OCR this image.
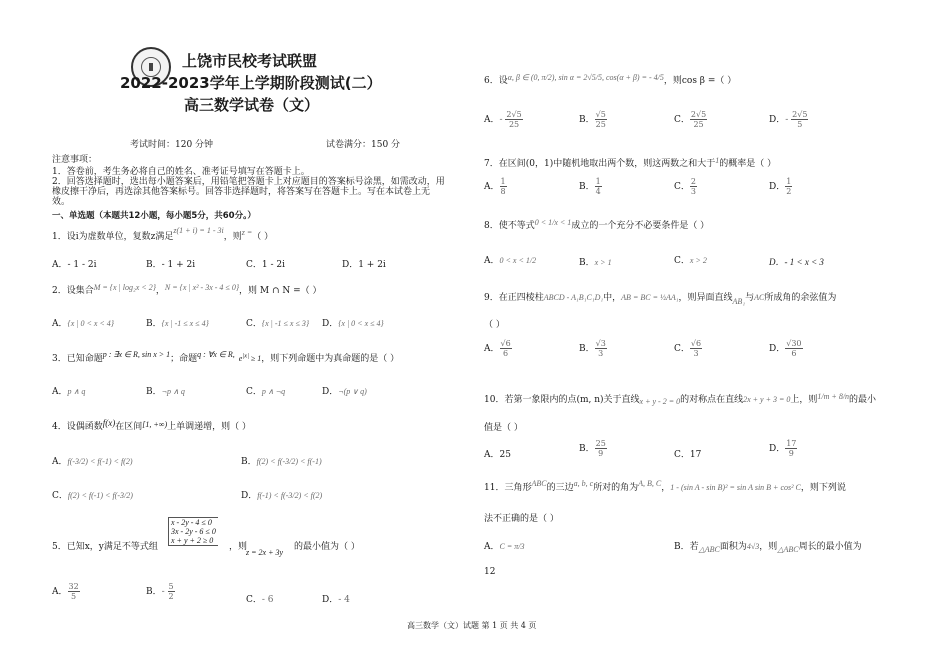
上饶市民校考试联盟
2022-2023学年上学期阶段测试(二）
高三数学试卷（文）
考试时间：120 分钟	试卷满分：150 分
注意事项：
1．答卷前，考生务必将自己的姓名、准考证号填写在答题卡上。
2．回答选择题时，选出每小题答案后，用铅笔把答题卡上对应题目的答案标号涂黑，如需改动，用
橡皮擦干净后，再选涂其他答案标号。回答非选择题时，将答案写在答题卡上。写在本试卷上无
效。
一、单选题（本题共12小题，每小题5分，共60分。）
1．设i为虚数单位，复数z满足z(1 + i) = 1 - 3i，则z =（ ）
A．- 1 - 2i	B．- 1 + 2i	C．1 - 2i	D．1 + 2i
2．设集合M = {x | log₂x < 2}，N = {x | x² - 3x - 4 ≤ 0}，则 M ∩ N =（ ）
A．{x | 0 < x < 4}	B．{x | -1 ≤ x ≤ 4}	C．{x | -1 ≤ x ≤ 3} D．{x | 0 < x ≤ 4}
3．已知命题p : ∃x ∈ R, sin x > 1；命题q : ∀x ∈ R, $e^{|x|} \ge 1$，则下列命题中为真命题的是（ ）
A．p ∧ q	B．¬p ∧ q	C．p ∧ ¬q	D．¬(p ∨ q)
4．设偶函数f(x)在区间[1, +∞)上单调递增，则（ ）
A．f(-3/2) < f(-1) < f(2)	B．f(2) < f(-3/2) < f(-1)
C．f(2) < f(-1) < f(-3/2)	D．f(-1) < f(-3/2) < f(2)
5．已知x，y满足不等式组
x - 2y - 4 ≤ 0
3x - 2y - 6 ≤ 0
x + y + 2 ≥ 0
，则
z = 2x + 3y
的最小值为（ ）
A． $\frac{32}{5}$	B．- $\frac{5}{2}$	C．- 6	D．- 4
6．设α, β ∈ (0, π/2), sin α = 2√5/5, cos(α + β) = - 4/5，则cos β =（ ）
A．- $\frac{2√5}{25}$	B． $\frac{√5}{25}$	C． $\frac{2√5}{25}$	D．- $\frac{2√5}{5}$
7．在区间(0，1)中随机地取出两个数，则这两数之和大于1的概率是（ ）
A． $\frac{1}{8}$	B． $\frac{1}{4}$	C． $\frac{2}{3}$	D． $\frac{1}{2}$
8．使不等式0 < 1/x < 1成立的一个充分不必要条件是（ ）
A．0 < x < 1/2	B．x > 1	C．x > 2	D．- 1 < x < 3
9．在正四棱柱ABCD - A₁B₁C₁D₁中，AB = BC = ½AA₁，则异面直线AB₁与AC所成角的余弦值为
（ ）
A． $\frac{√6}{6}$	B． $\frac{√3}{3}$	C． $\frac{√6}{3}$	D． $\frac{√30}{6}$
10．若第一象限内的点(m, n)关于直线x + y - 2 = 0的对称点在直线2x + y + 3 = 0上，则1/m + 8/n的最小
值是（ ）
A．25
B． $\frac{25}{9}$	C．17
D． $\frac{17}{9}$
11．三角形ABC的三边a, b, c所对的角为A, B, C，1 - (sin A - sin B)² = sin A sin B + cos² C，则下列说
法不正确的是（ ）
A．C = π/3	B．若△ABC面积为4√3，则△ABC周长的最小值为
12
高三数学（文）试题 第 1 页 共 4 页
